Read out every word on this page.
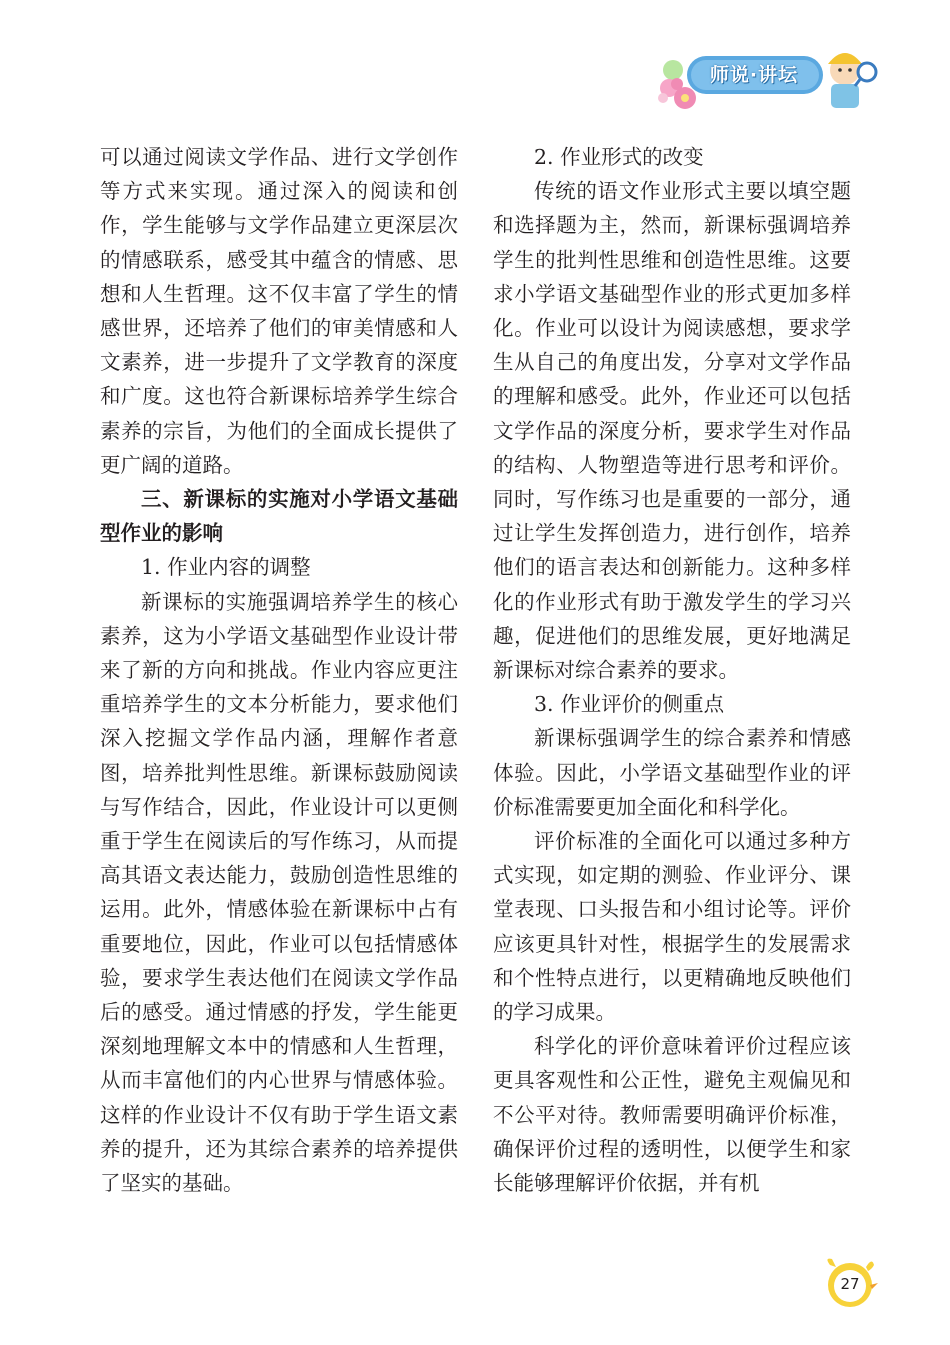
师说·讲坛

可以通过阅读文学作品、进行文学创作等方式来实现。通过深入的阅读和创作，学生能够与文学作品建立更深层次的情感联系，感受其中蕴含的情感、思想和人生哲理。这不仅丰富了学生的情感世界，还培养了他们的审美情感和人文素养，进一步提升了文学教育的深度和广度。这也符合新课标培养学生综合素养的宗旨，为他们的全面成长提供了更广阔的道路。

三、新课标的实施对小学语文基础型作业的影响

1. 作业内容的调整

新课标的实施强调培养学生的核心素养，这为小学语文基础型作业设计带来了新的方向和挑战。作业内容应更注重培养学生的文本分析能力，要求他们深入挖掘文学作品内涵，理解作者意图，培养批判性思维。新课标鼓励阅读与写作结合，因此，作业设计可以更侧重于学生在阅读后的写作练习，从而提高其语文表达能力，鼓励创造性思维的运用。此外，情感体验在新课标中占有重要地位，因此，作业可以包括情感体验，要求学生表达他们在阅读文学作品后的感受。通过情感的抒发，学生能更深刻地理解文本中的情感和人生哲理，从而丰富他们的内心世界与情感体验。这样的作业设计不仅有助于学生语文素养的提升，还为其综合素养的培养提供了坚实的基础。

2. 作业形式的改变

传统的语文作业形式主要以填空题和选择题为主，然而，新课标强调培养学生的批判性思维和创造性思维。这要求小学语文基础型作业的形式更加多样化。作业可以设计为阅读感想，要求学生从自己的角度出发，分享对文学作品的理解和感受。此外，作业还可以包括文学作品的深度分析，要求学生对作品的结构、人物塑造等进行思考和评价。同时，写作练习也是重要的一部分，通过让学生发挥创造力，进行创作，培养他们的语言表达和创新能力。这种多样化的作业形式有助于激发学生的学习兴趣，促进他们的思维发展，更好地满足新课标对综合素养的要求。

3. 作业评价的侧重点

新课标强调学生的综合素养和情感体验。因此，小学语文基础型作业的评价标准需要更加全面化和科学化。

评价标准的全面化可以通过多种方式实现，如定期的测验、作业评分、课堂表现、口头报告和小组讨论等。评价应该更具针对性，根据学生的发展需求和个性特点进行，以更精确地反映他们的学习成果。

科学化的评价意味着评价过程应该更具客观性和公正性，避免主观偏见和不公平对待。教师需要明确评价标准，确保评价过程的透明性，以便学生和家长能够理解评价依据，并有机

27
